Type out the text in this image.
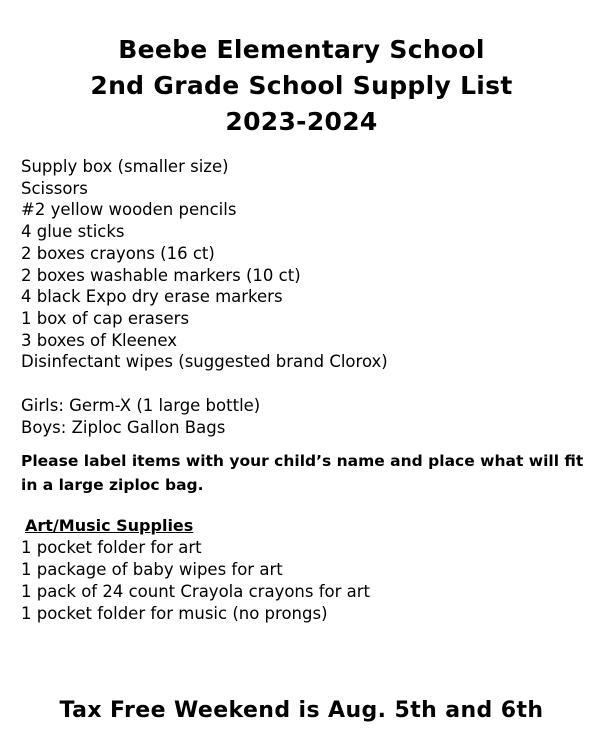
Beebe Elementary School
2nd Grade School Supply List
2023-2024
Supply box (smaller size)
Scissors
#2 yellow wooden pencils
4 glue sticks
2 boxes crayons (16 ct)
2 boxes washable markers (10 ct)
4 black Expo dry erase markers
1 box of cap erasers
3 boxes of Kleenex
Disinfectant wipes (suggested brand Clorox)
Girls: Germ-X (1 large bottle)
Boys: Ziploc Gallon Bags
Please label items with your child’s name and place what will fit in a large ziploc bag.
Art/Music Supplies
1 pocket folder for art
1 package of baby wipes for art
1 pack of 24 count Crayola crayons for art
1 pocket folder for music (no prongs)
Tax Free Weekend is Aug. 5th and 6th
